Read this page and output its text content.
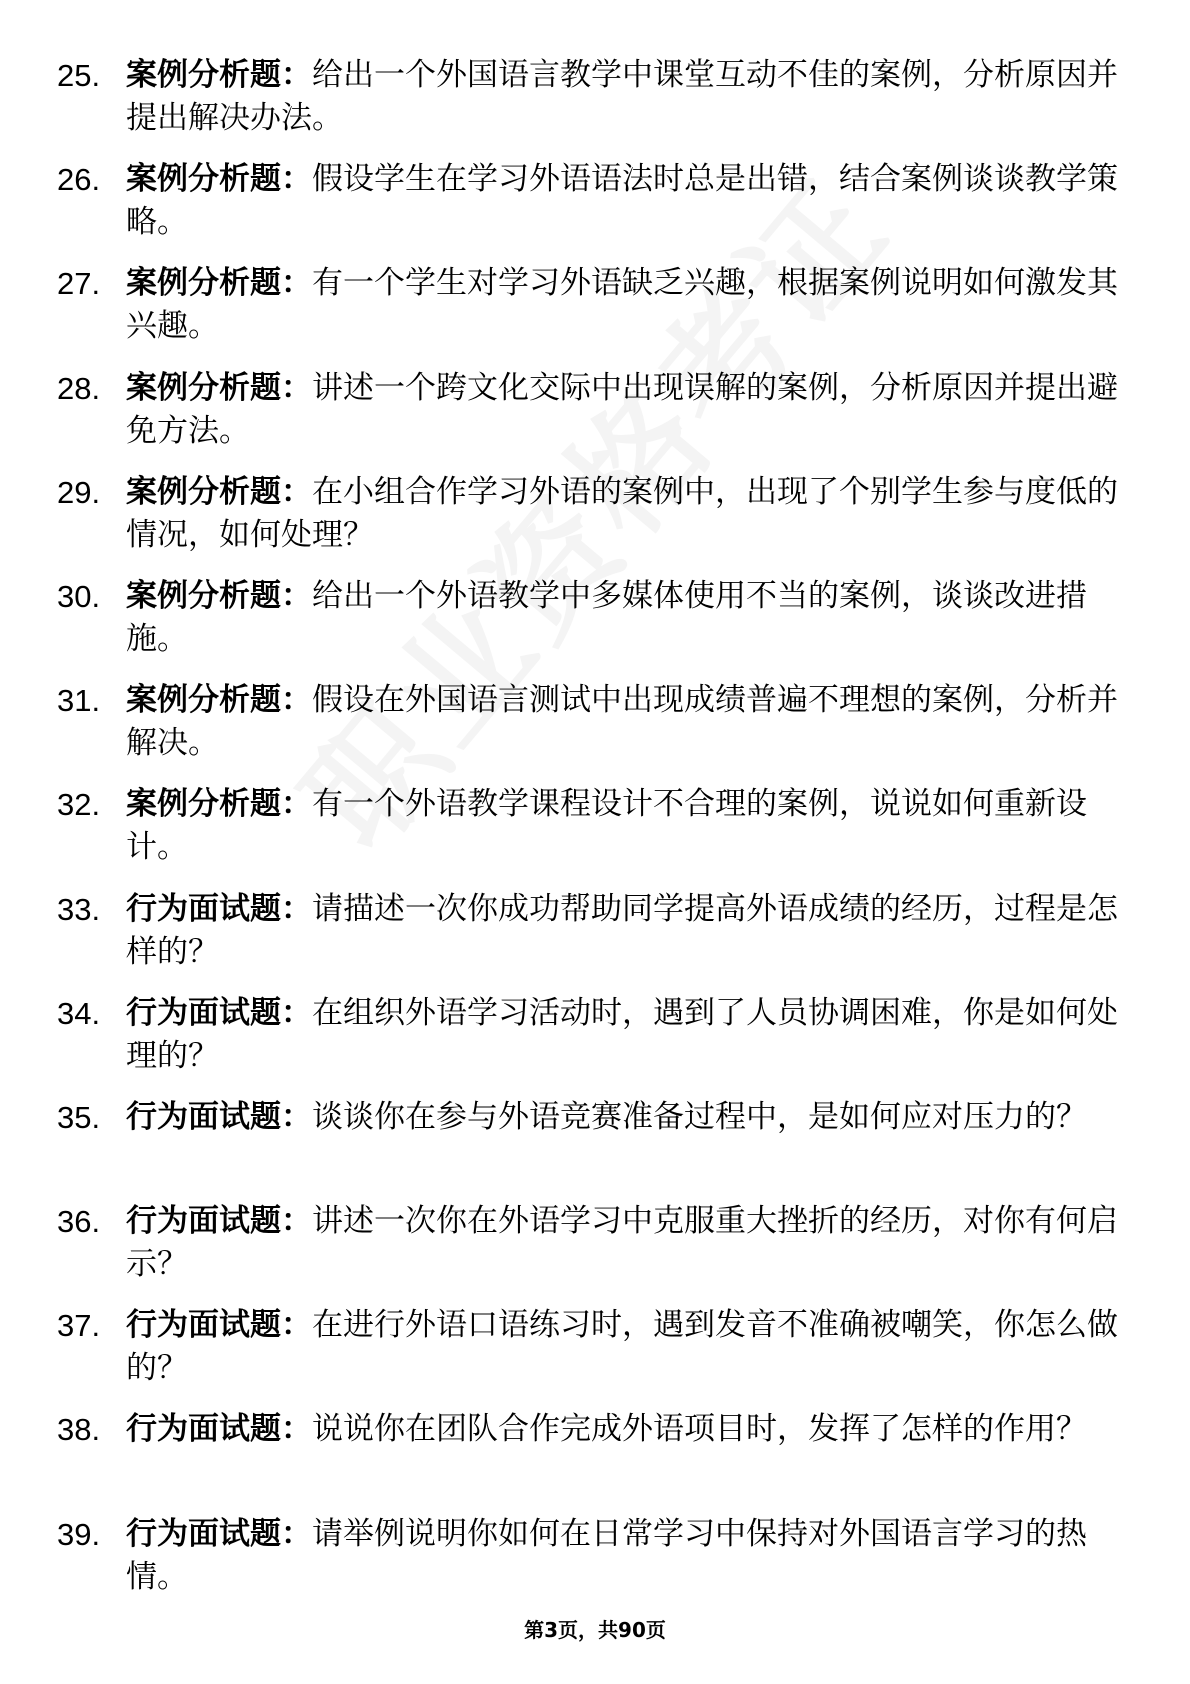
25. 案例分析题：给出一个外国语言教学中课堂互动不佳的案例，分析原因并提出解决办法。
26. 案例分析题：假设学生在学习外语语法时总是出错，结合案例谈谈教学策略。
27. 案例分析题：有一个学生对学习外语缺乏兴趣，根据案例说明如何激发其兴趣。
28. 案例分析题：讲述一个跨文化交际中出现误解的案例，分析原因并提出避免方法。
29. 案例分析题：在小组合作学习外语的案例中，出现了个别学生参与度低的情况，如何处理？
30. 案例分析题：给出一个外语教学中多媒体使用不当的案例，谈谈改进措施。
31. 案例分析题：假设在外国语言测试中出现成绩普遍不理想的案例，分析并解决。
32. 案例分析题：有一个外语教学课程设计不合理的案例，说说如何重新设计。
33. 行为面试题：请描述一次你成功帮助同学提高外语成绩的经历，过程是怎样的？
34. 行为面试题：在组织外语学习活动时，遇到了人员协调困难，你是如何处理的？
35. 行为面试题：谈谈你在参与外语竞赛准备过程中，是如何应对压力的？
36. 行为面试题：讲述一次你在外语学习中克服重大挫折的经历，对你有何启示？
37. 行为面试题：在进行外语口语练习时，遇到发音不准确被嘲笑，你怎么做的？
38. 行为面试题：说说你在团队合作完成外语项目时，发挥了怎样的作用？
39. 行为面试题：请举例说明你如何在日常学习中保持对外国语言学习的热情。
第3页，共90页
